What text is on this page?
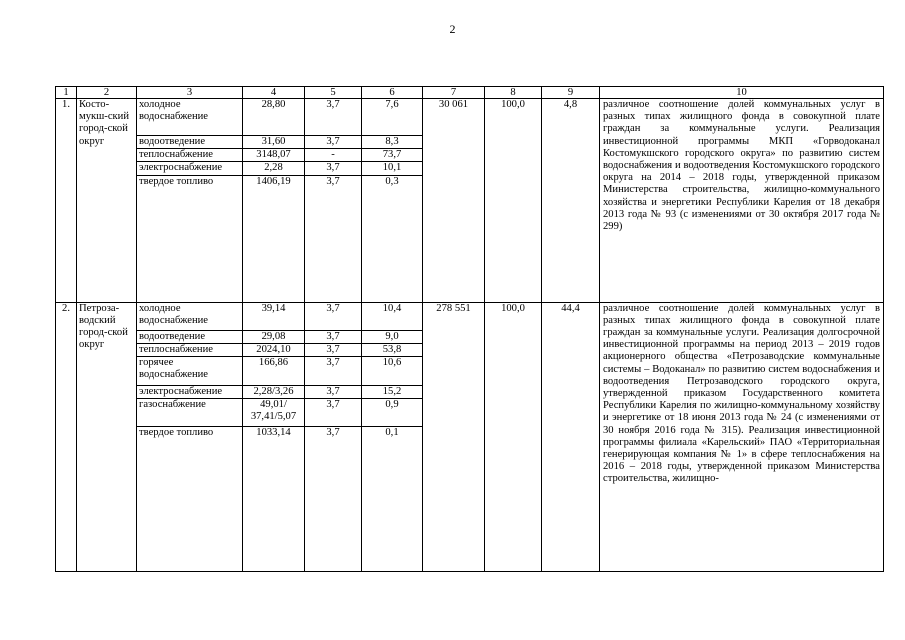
2
1	2	3	4	5	6	7	8	9	10
1.	Косто-мукш-ский город-ской округ	холодное водоснабжение	28,80	3,7	7,6	30 061	100,0	4,8	различное соотношение долей коммунальных услуг в разных типах жилищного фонда в совокупной плате граждан за коммунальные услуги. Реализация инвестиционной программы МКП «Горводоканал Костомукшского городского округа» по развитию систем водоснабжения и водоотведения Костомукшского городского округа на 2014 – 2018 годы, утвержденной приказом Министерства строительства, жилищно-коммунального хозяйства и энергетики Республики Карелия от 18 декабря 2013 года № 93 (с изменениями от 30 октября 2017 года № 299)
		водоотведение	31,60	3,7	8,3				
		теплоснабжение	3148,07	-	73,7				
		электроснабжение	2,28	3,7	10,1				
		твердое топливо	1406,19	3,7	0,3				
2.	Петроза-водский город-ской округ	холодное водоснабжение	39,14	3,7	10,4	278 551	100,0	44,4	различное соотношение долей коммунальных услуг в разных типах жилищного фонда в совокупной плате граждан за коммунальные услуги. Реализация долгосрочной инвестиционной программы на период 2013 – 2019 годов акционерного общества «Петрозаводские коммунальные системы – Водоканал» по развитию систем водоснабжения и водоотведения Петрозаводского городского округа, утвержденной приказом Государственного комитета Республики Карелия по жилищно-коммунальному хозяйству и энергетике от 18 июня 2013 года № 24 (с изменениями от 30 ноября 2016 года № 315). Реализация инвестиционной программы филиала «Карельский» ПАО «Территориальная генерирующая компания № 1» в сфере теплоснабжения на 2016 – 2018 годы, утвержденной приказом Министерства строительства, жилищно-
		водоотведение	29,08	3,7	9,0				
		теплоснабжение	2024,10	3,7	53,8				
		горячее водоснабжение	166,86	3,7	10,6				
		электроснабжение	2,28/3,26	3,7	15,2				
		газоснабжение	49,01/ 37,41/5,07	3,7	0,9				
		твердое топливо	1033,14	3,7	0,1				
